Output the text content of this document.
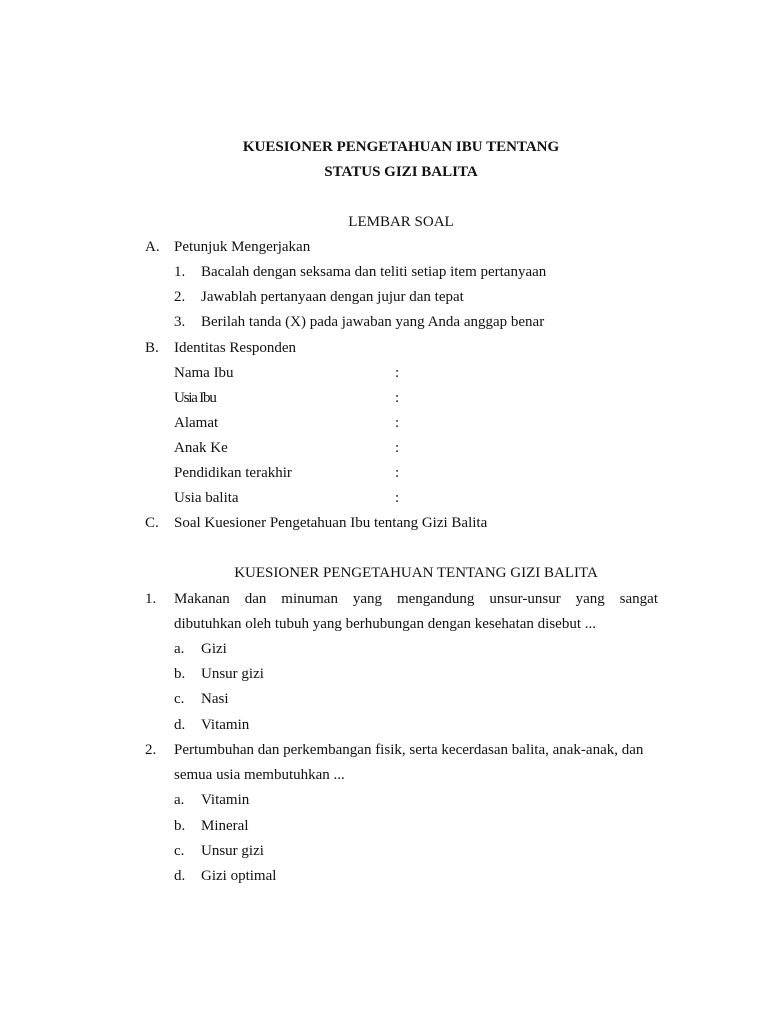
KUESIONER PENGETAHUAN IBU TENTANG
STATUS GIZI BALITA
LEMBAR SOAL
A. Petunjuk Mengerjakan
1. Bacalah dengan seksama dan teliti setiap item pertanyaan
2. Jawablah pertanyaan dengan jujur dan tepat
3. Berilah tanda (X) pada jawaban yang Anda anggap benar
B. Identitas Responden
Nama Ibu	:
Usia Ibu	:
Alamat	:
Anak Ke	:
Pendidikan terakhir	:
Usia balita	:
C. Soal Kuesioner Pengetahuan Ibu tentang Gizi Balita
KUESIONER PENGETAHUAN TENTANG GIZI BALITA
1. Makanan dan minuman yang mengandung unsur-unsur yang sangat
dibutuhkan oleh tubuh yang berhubungan dengan kesehatan disebut ...
a. Gizi
b. Unsur gizi
c. Nasi
d. Vitamin
2. Pertumbuhan dan perkembangan fisik, serta kecerdasan balita, anak-anak, dan
semua usia membutuhkan ...
a. Vitamin
b. Mineral
c. Unsur gizi
d. Gizi optimal
